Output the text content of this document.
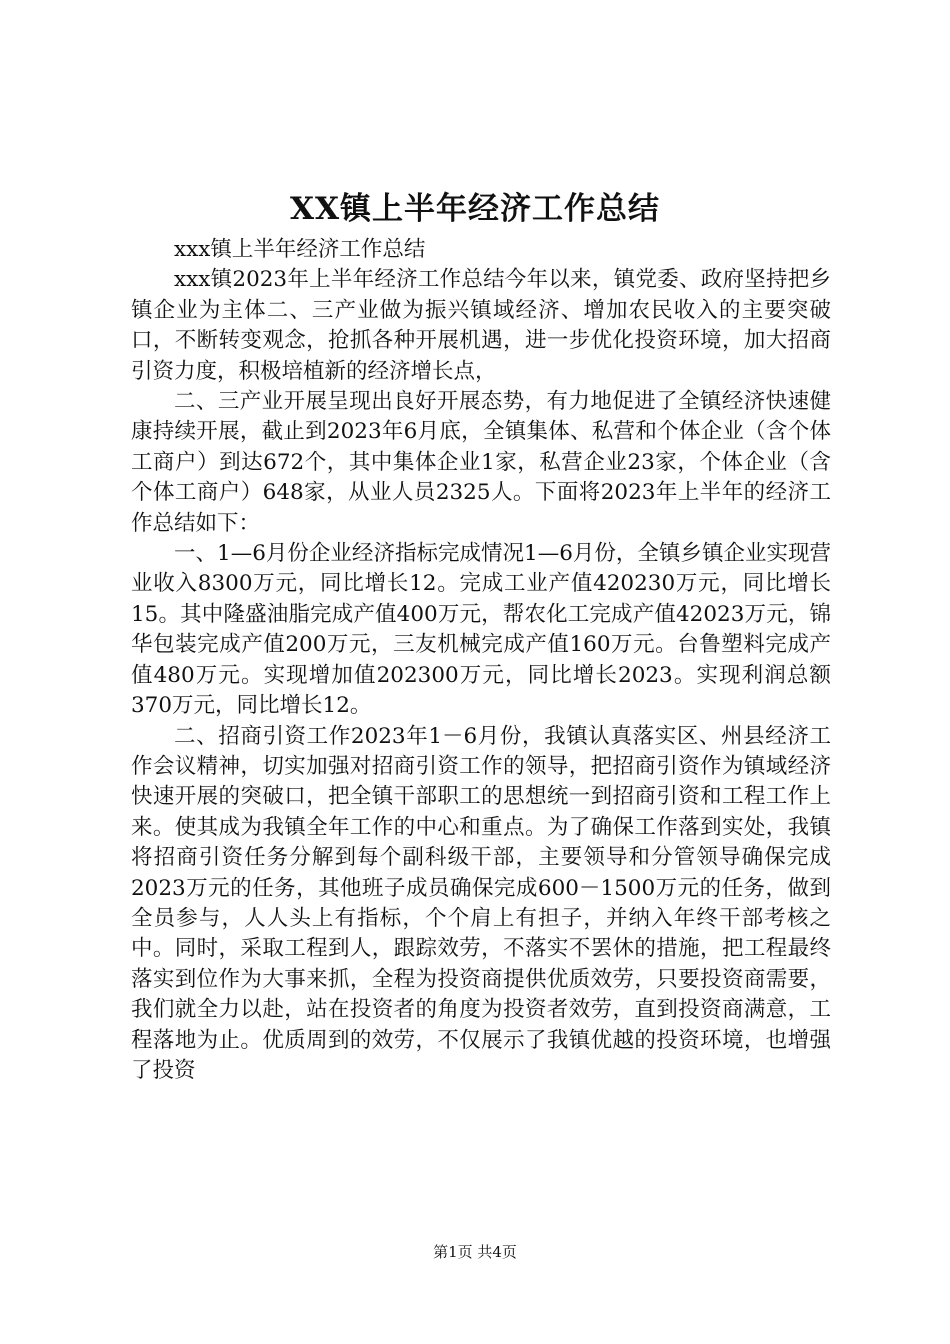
XX镇上半年经济工作总结

xxx镇上半年经济工作总结

xxx镇2023年上半年经济工作总结今年以来，镇党委、政府坚持把乡镇企业为主体二、三产业做为振兴镇域经济、增加农民收入的主要突破口，不断转变观念，抢抓各种开展机遇，进一步优化投资环境，加大招商引资力度，积极培植新的经济增长点，

二、三产业开展呈现出良好开展态势，有力地促进了全镇经济快速健康持续开展，截止到2023年6月底，全镇集体、私营和个体企业（含个体工商户）到达672个，其中集体企业1家，私营企业23家，个体企业（含个体工商户）648家，从业人员2325人。下面将2023年上半年的经济工作总结如下：

一、1—6月份企业经济指标完成情况1—6月份，全镇乡镇企业实现营业收入8300万元，同比增长12。完成工业产值420230万元，同比增长15。其中隆盛油脂完成产值400万元，帮农化工完成产值42023万元，锦华包装完成产值200万元，三友机械完成产值160万元。台鲁塑料完成产值480万元。实现增加值202300万元，同比增长2023。实现利润总额370万元，同比增长12。

二、招商引资工作2023年1－6月份，我镇认真落实区、州县经济工作会议精神，切实加强对招商引资工作的领导，把招商引资作为镇域经济快速开展的突破口，把全镇干部职工的思想统一到招商引资和工程工作上来。使其成为我镇全年工作的中心和重点。为了确保工作落到实处，我镇将招商引资任务分解到每个副科级干部，主要领导和分管领导确保完成2023万元的任务，其他班子成员确保完成600－1500万元的任务，做到全员参与，人人头上有指标，个个肩上有担子，并纳入年终干部考核之中。同时，采取工程到人，跟踪效劳，不落实不罢休的措施，把工程最终落实到位作为大事来抓，全程为投资商提供优质效劳，只要投资商需要，我们就全力以赴，站在投资者的角度为投资者效劳，直到投资商满意，工程落地为止。优质周到的效劳，不仅展示了我镇优越的投资环境，也增强了投资

第1页 共4页
